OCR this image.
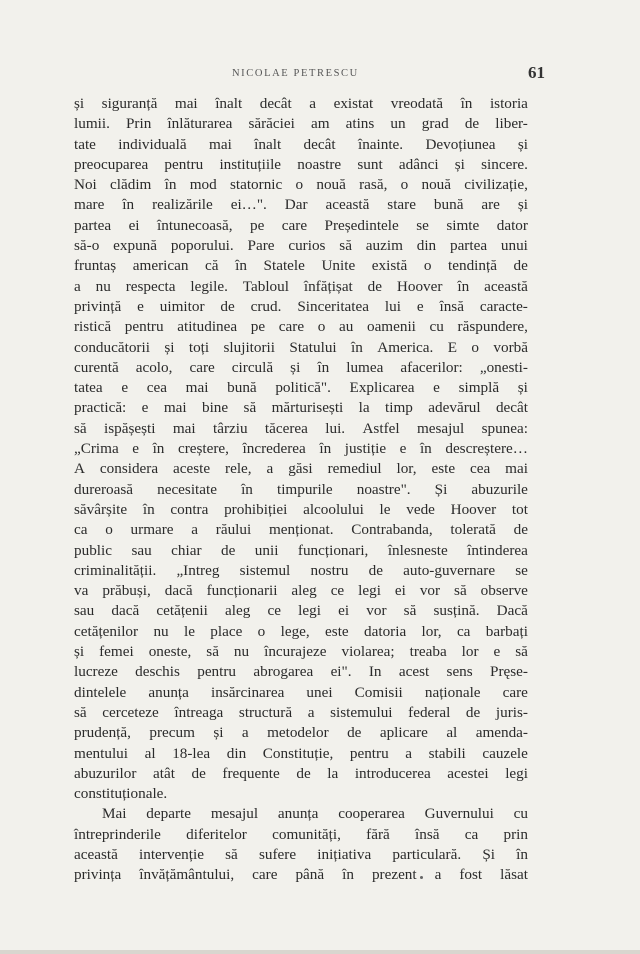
NICOLAE PETRESCU	61
și siguranță mai înalt decât a existat vreodată în istoria
lumii. Prin înlăturarea sărăciei am atins un grad de liber-
tate individuală mai înalt decât înainte. Devoțiunea și
preocuparea pentru instituțiile noastre sunt adânci și sincere.
Noi clădim în mod statornic o nouă rasă, o nouă civilizație,
mare în realizările ei…". Dar această stare bună are și
partea ei întunecoasă, pe care Președintele se simte dator
să-o expună poporului. Pare curios să auzim din partea unui
fruntaș american că în Statele Unite există o tendință de
a nu respecta legile. Tabloul înfățișat de Hoover în această
privință e uimitor de crud. Sinceritatea lui e însă caracte-
ristică pentru atitudinea pe care o au oamenii cu răspundere,
conducătorii și toți slujitorii Statului în America. E o vorbă
curentă acolo, care circulă și în lumea afacerilor: „onesti-
tatea e cea mai bună politică". Explicarea e simplă și
practică: e mai bine să mărturisești la timp adevărul decât
să ispășești mai târziu tăcerea lui. Astfel mesajul spunea:
„Crima e în creștere, încrederea în justiție e în descreștere…
A considera aceste rele, a găsi remediul lor, este cea mai
dureroasă necesitate în timpurile noastre". Și abuzurile
săvârșite în contra prohibiției alcoolului le vede Hoover tot
ca o urmare a răului menționat. Contrabanda, tolerată de
public sau chiar de unii funcționari, înlesneste întinderea
criminalității. „Intreg sistemul nostru de auto-guvernare se
va prăbuși, dacă funcționarii aleg ce legi ei vor să observe
sau dacă cetățenii aleg ce legi ei vor să susțină. Dacă
cetățenilor nu le place o lege, este datoria lor, ca barbați
și femei oneste, să nu încurajeze violarea; treaba lor e să
lucreze deschis pentru abrogarea ei". In acest sens Pręse-
dintelele anunța insărcinarea unei Comisii naționale care
să cerceteze întreaga structură a sistemului federal de juris-
prudență, precum și a metodelor de aplicare al amenda-
mentului al 18-lea din Constituție, pentru a stabili cauzele
abuzurilor atât de frequente de la introducerea acestei legi
constituționale.
Mai departe mesajul anunța cooperarea Guvernului cu
întreprinderile diferitelor comunități, fără însă ca prin
această intervenție să sufere inițiativa particulară. Și în
privința învățământului, care până în prezent a fost lăsat
